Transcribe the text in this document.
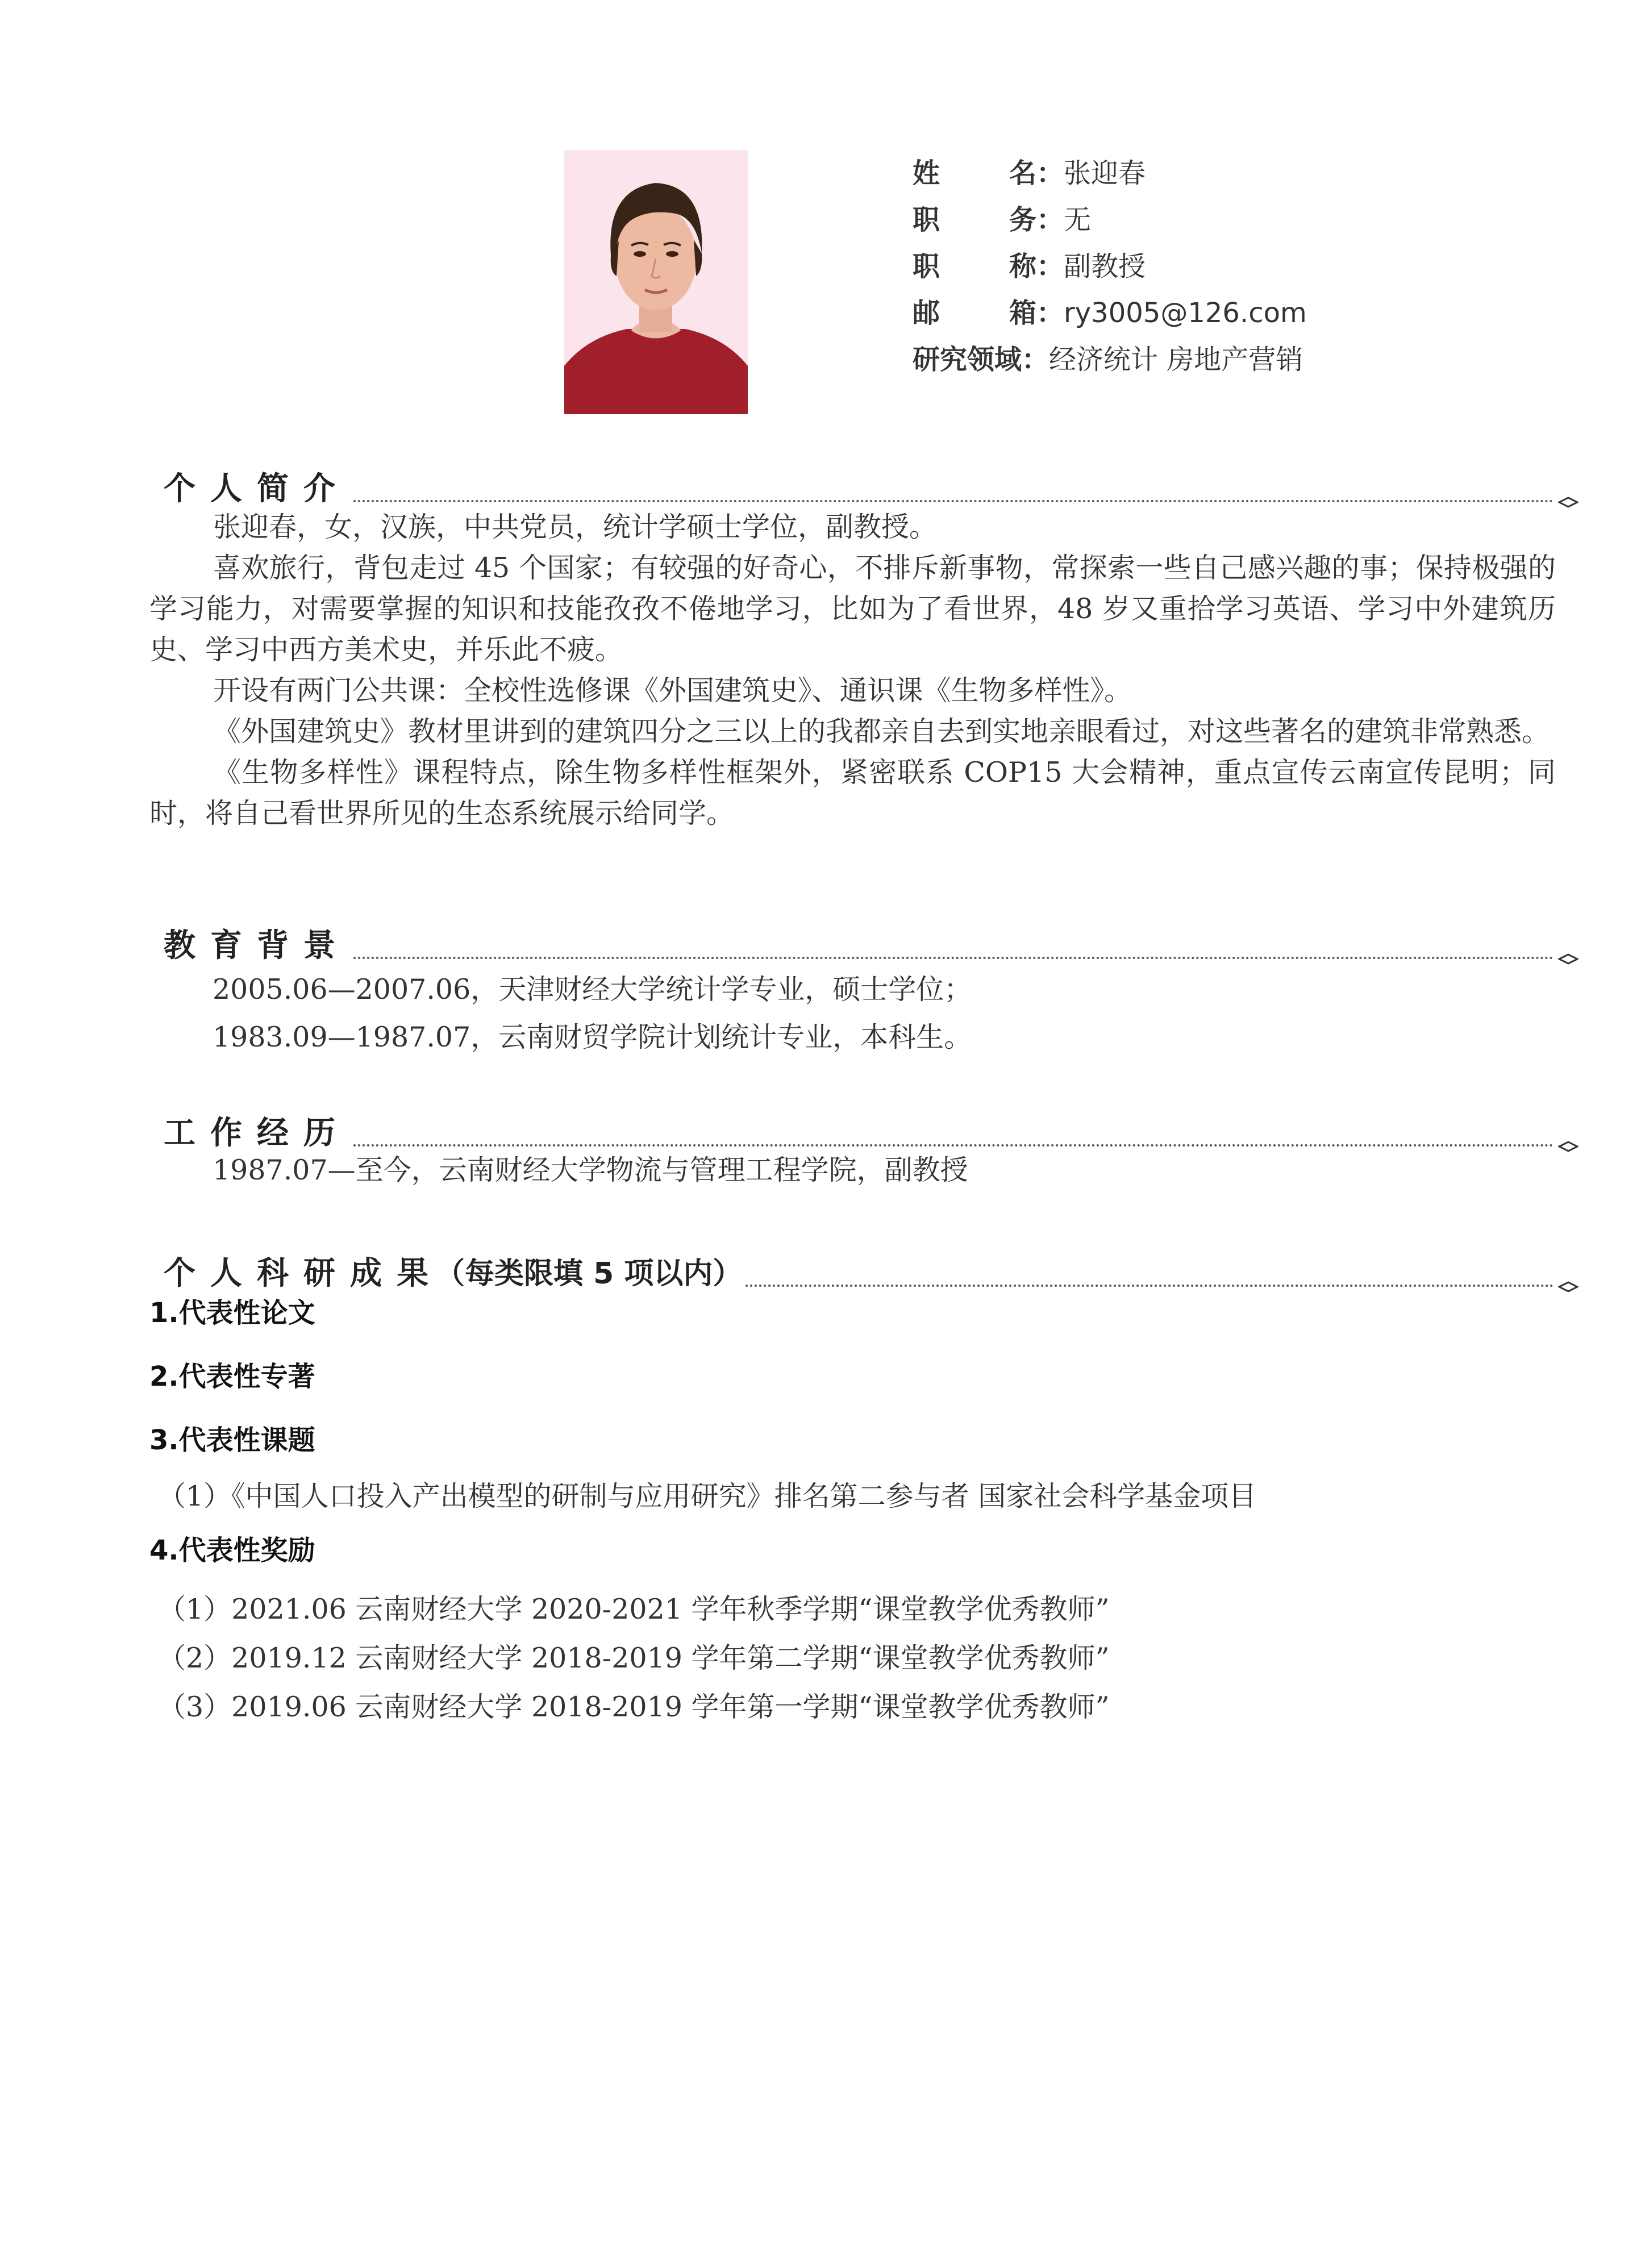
姓	名 ： 张迎春
职	务 ： 无
职	称 ： 副教授
邮	箱 ： ry3005@126.com
研究领域： 经济统计 房地产营销
个人简介

张迎春，女，汉族，中共党员，统计学硕士学位，副教授。

喜欢旅行，背包走过 45 个国家；有较强的好奇心，不排斥新事物，常探索一些自己感兴趣的事；保持极强的学习能力，对需要掌握的知识和技能孜孜不倦地学习，比如为了看世界，48 岁又重拾学习英语、学习中外建筑历史、学习中西方美术史，并乐此不疲。

开设有两门公共课：全校性选修课《外国建筑史》、通识课《生物多样性》。

《外国建筑史》教材里讲到的建筑四分之三以上的我都亲自去到实地亲眼看过，对这些著名的建筑非常熟悉。

《生物多样性》课程特点，除生物多样性框架外，紧密联系 COP15 大会精神，重点宣传云南宣传昆明；同时，将自己看世界所见的生态系统展示给同学。

教育背景

2005.06—2007.06，天津财经大学统计学专业，硕士学位；

1983.09—1987.07，云南财贸学院计划统计专业，本科生。

工作经历

1987.07—至今，云南财经大学物流与管理工程学院，副教授

个人科研成果
（每类限填 5 项以内）
1.代表性论文
2.代表性专著
3.代表性课题

（1）《中国人口投入产出模型的研制与应用研究》排名第二参与者 国家社会科学基金项目

4.代表性奖励

（1）2021.06 云南财经大学 2020-2021 学年秋季学期“课堂教学优秀教师”

（2）2019.12 云南财经大学 2018-2019 学年第二学期“课堂教学优秀教师”

（3）2019.06 云南财经大学 2018-2019 学年第一学期“课堂教学优秀教师”
